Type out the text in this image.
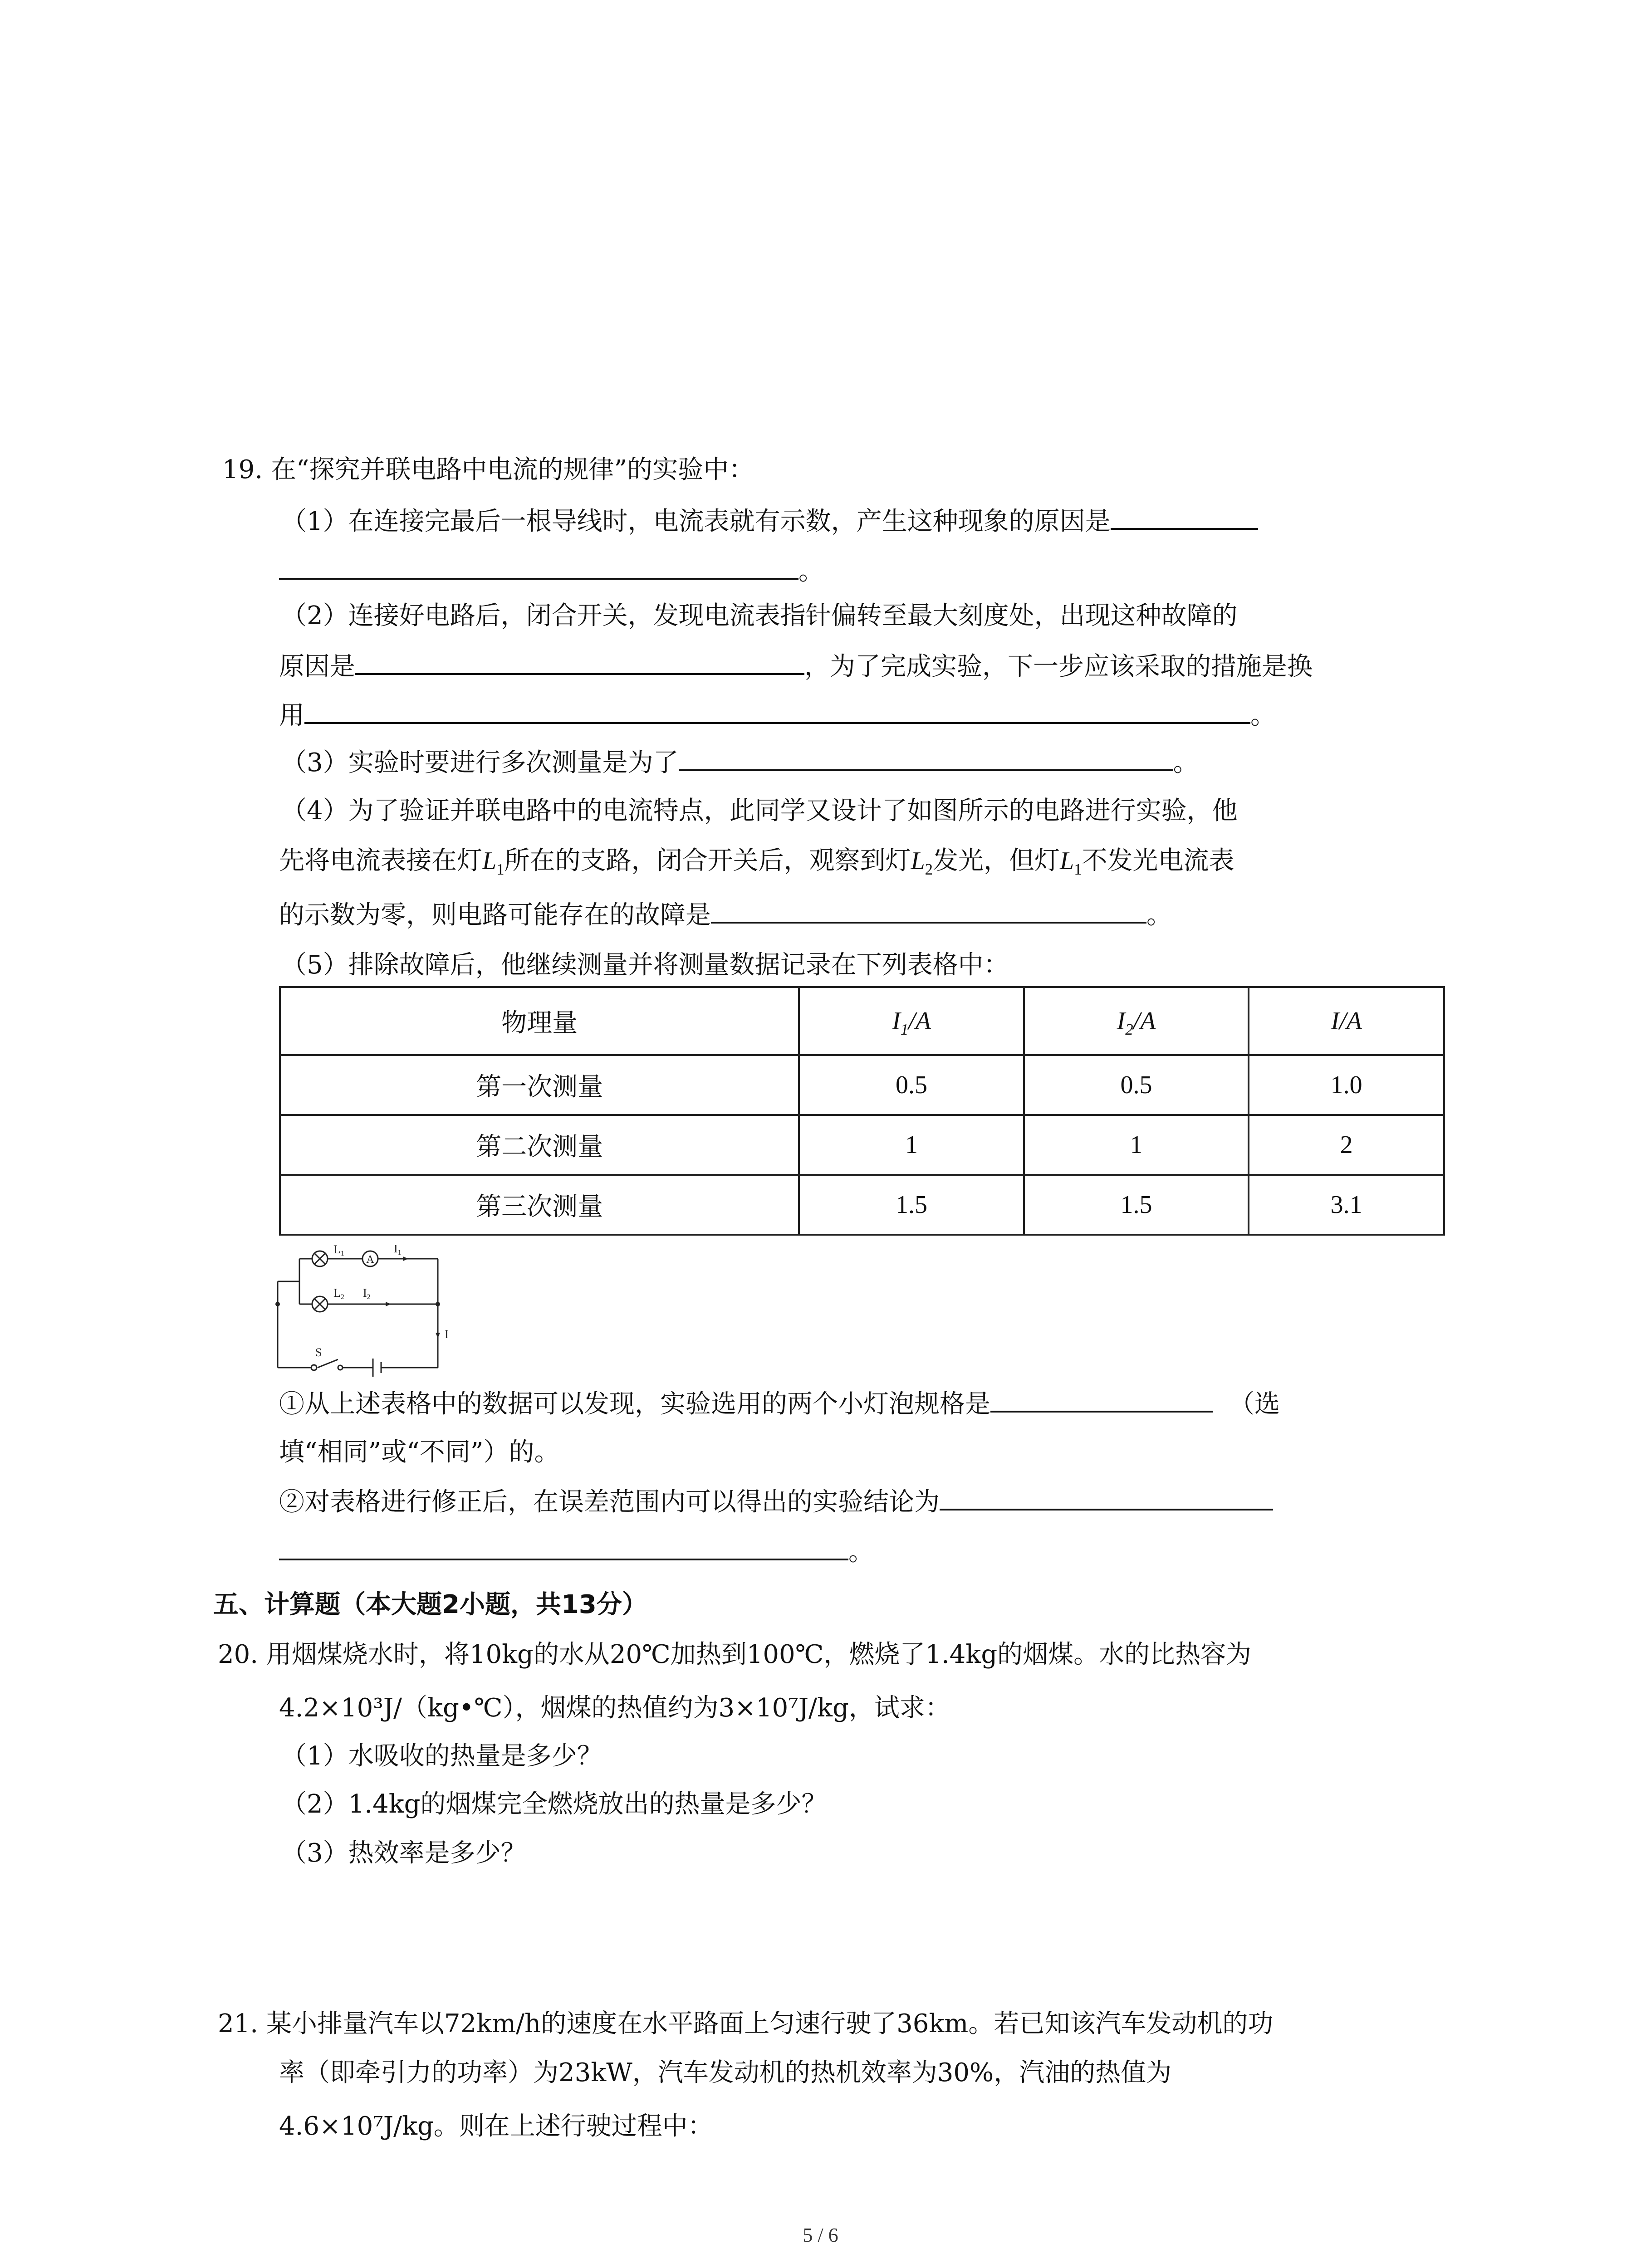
19. 在“探究并联电路中电流的规律”的实验中：
（1）在连接完最后一根导线时，电流表就有示数，产生这种现象的原因是
。
（2）连接好电路后，闭合开关，发现电流表指针偏转至最大刻度处，出现这种故障的
原因是	，为了完成实验，下一步应该采取的措施是换
用	。
（3）实验时要进行多次测量是为了	。
（4）为了验证并联电路中的电流特点，此同学又设计了如图所示的电路进行实验，他
先将电流表接在灯$L_1$所在的支路，闭合开关后，观察到灯$L_2$发光，但灯$L_1$不发光电流表
的示数为零，则电路可能存在的故障是	。
（5）排除故障后，他继续测量并将测量数据记录在下列表格中：
物理量	$I_1/A$	$I_2/A$	I/A
第一次测量	0.5	0.5	1.0
第二次测量	1	1	2
第三次测量	1.5	1.5	3.1
A
L1	I1
L2 I2
I
S
①从上述表格中的数据可以发现，实验选用的两个小灯泡规格是	（选
填“相同”或“不同”）的。
②对表格进行修正后，在误差范围内可以得出的实验结论为
。
五、计算题（本大题2小题，共13分）
20. 用烟煤烧水时，将10kg的水从20℃加热到100℃，燃烧了1.4kg的烟煤。水的比热容为
4.2×10³J/（kg•℃），烟煤的热值约为3×10⁷J/kg，试求：
（1）水吸收的热量是多少？
（2）1.4kg的烟煤完全燃烧放出的热量是多少？
（3）热效率是多少？
21. 某小排量汽车以72km/h的速度在水平路面上匀速行驶了36km。若已知该汽车发动机的功
率（即牵引力的功率）为23kW，汽车发动机的热机效率为30%，汽油的热值为
4.6×10⁷J/kg。则在上述行驶过程中：
5 / 6
